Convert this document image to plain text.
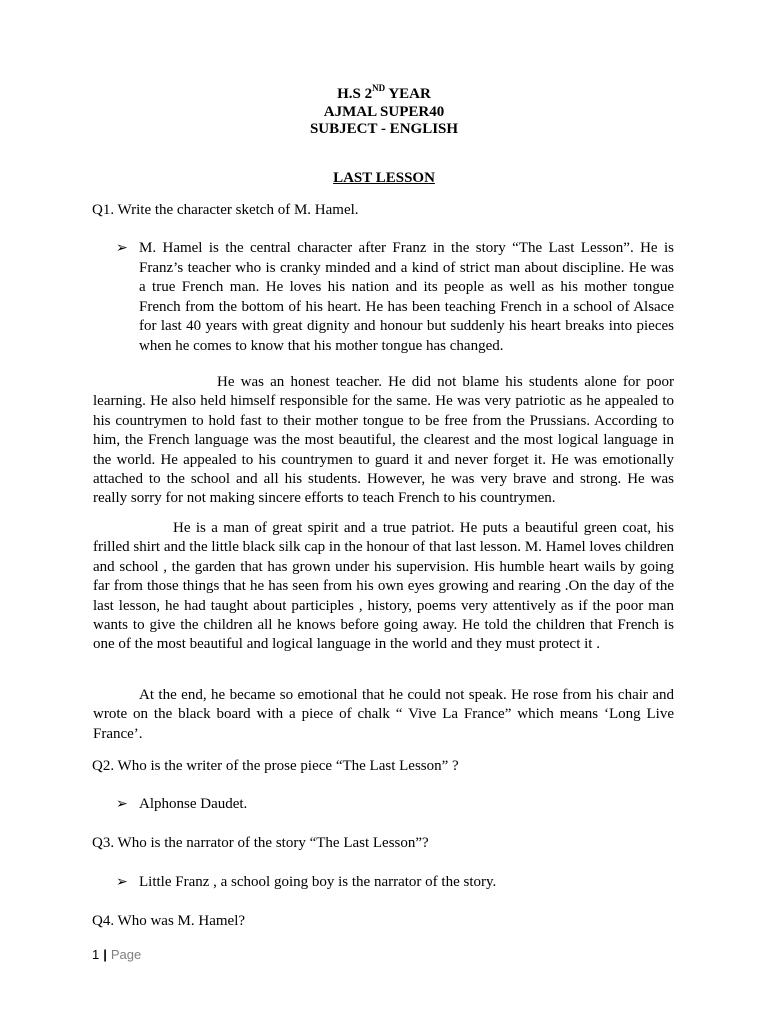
H.S 2ND YEAR
AJMAL SUPER40
SUBJECT - ENGLISH
LAST LESSON
Q1. Write the character sketch of M. Hamel.
➢ M. Hamel is the central character after Franz in the story “The Last Lesson”. He is Franz’s teacher who is cranky minded and a kind of strict man about discipline. He was a true French man. He loves his nation and its people as well as his mother tongue French from the bottom of his heart. He has been teaching French in a school of Alsace for last 40 years with great dignity and honour but suddenly his heart breaks into pieces when he comes to know that his mother tongue has changed.

He was an honest teacher. He did not blame his students alone for poor learning. He also held himself responsible for the same. He was very patriotic as he appealed to his countrymen to hold fast to their mother tongue to be free from the Prussians. According to him, the French language was the most beautiful, the clearest and the most logical language in the world. He appealed to his countrymen to guard it and never forget it. He was emotionally attached to the school and all his students. However, he was very brave and strong. He was really sorry for not making sincere efforts to teach French to his countrymen.

He is a man of great spirit and a true patriot. He puts a beautiful green coat, his frilled shirt and the little black silk cap in the honour of that last lesson. M. Hamel loves children and school , the garden that has grown under his supervision. His humble heart wails by going far from those things that he has seen from his own eyes growing and rearing .On the day of the last lesson, he had taught about participles , history, poems very attentively as if the poor man wants to give the children all he knows before going away. He told the children that French is one of the most beautiful and logical language in the world and they must protect it .

At the end, he became so emotional that he could not speak. He rose from his chair and wrote on the black board with a piece of chalk “ Vive La France” which means ‘Long Live France’.

Q2. Who is the writer of the prose piece “The Last Lesson” ?
➢ Alphonse Daudet.
Q3. Who is the narrator of the story “The Last Lesson”?
➢ Little Franz , a school going boy is the narrator of the story.
Q4. Who was M. Hamel?
1 | Page
